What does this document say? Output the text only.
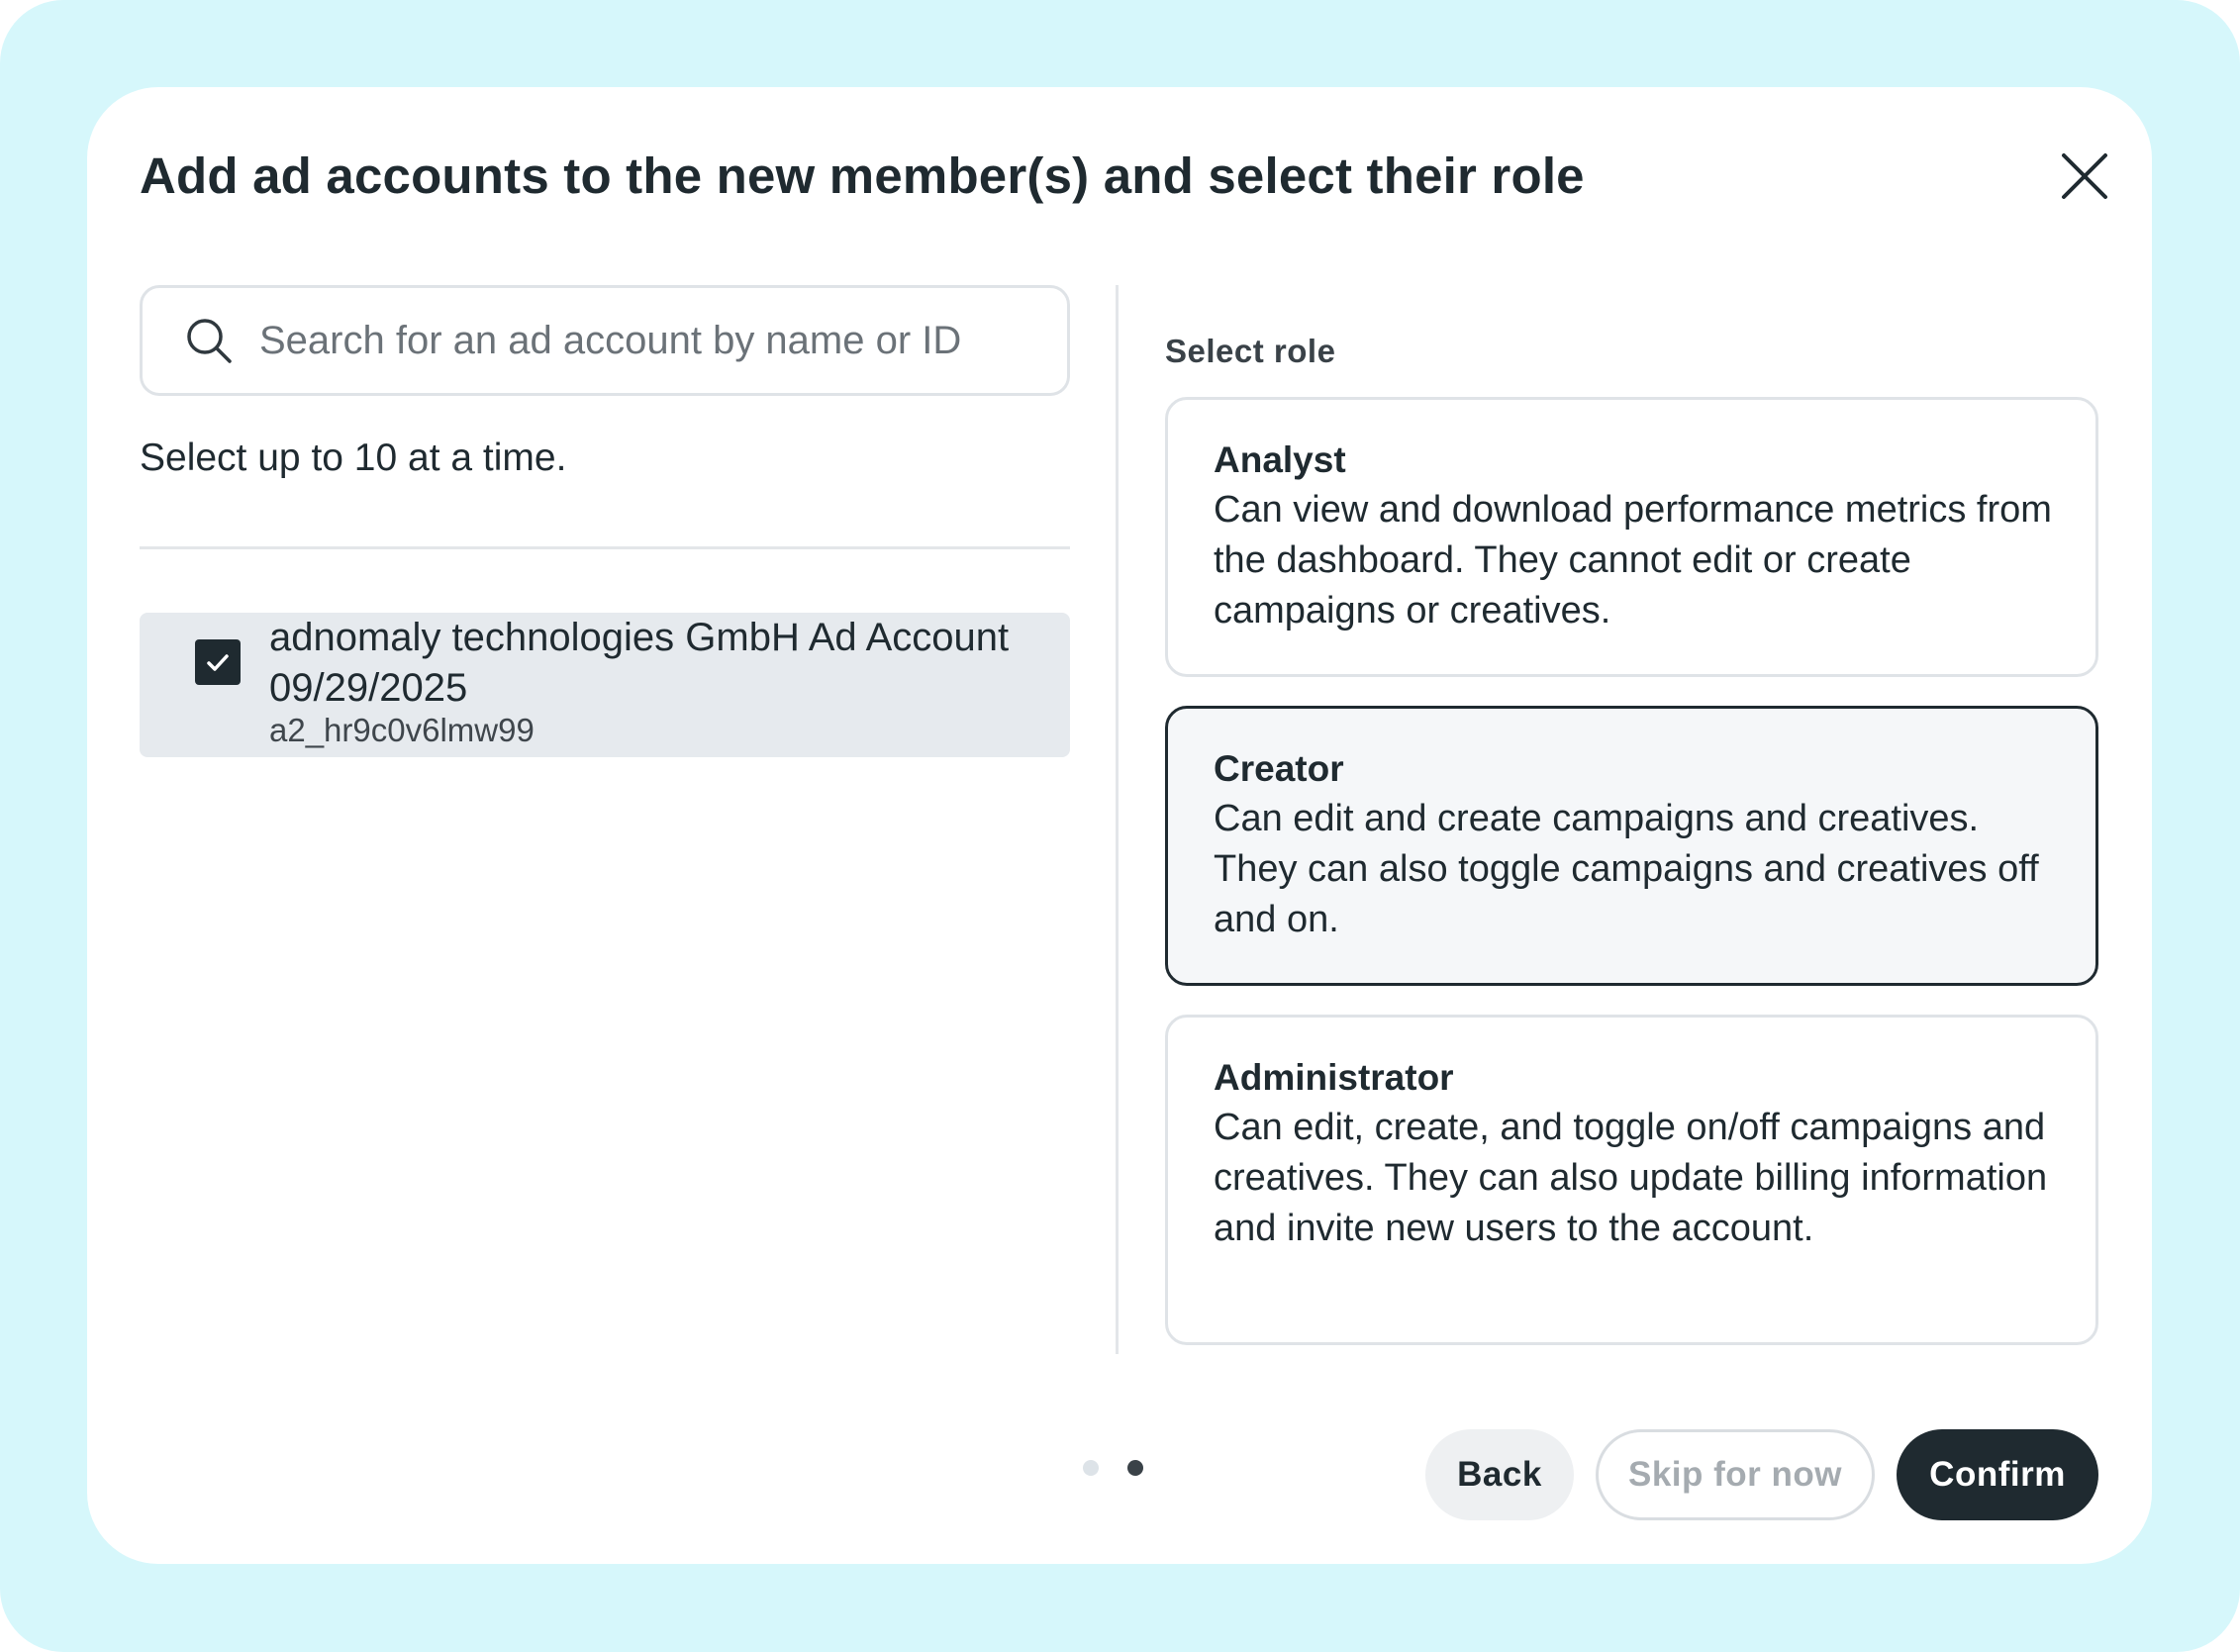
Add ad accounts to the new member(s) and select their role
Search for an ad account by name or ID

Select up to 10 at a time.

adnomaly technologies GmbH Ad Account 09/29/2025
a2_hr9c0v6lmw99
Select role
Analyst
Can view and download performance metrics from the dashboard. They cannot edit or create campaigns or creatives.
Creator
Can edit and create campaigns and creatives. They can also toggle campaigns and creatives off and on.
Administrator
Can edit, create, and toggle on/off campaigns and creatives. They can also update billing information and invite new users to the account.
Back	Skip for now	Confirm
